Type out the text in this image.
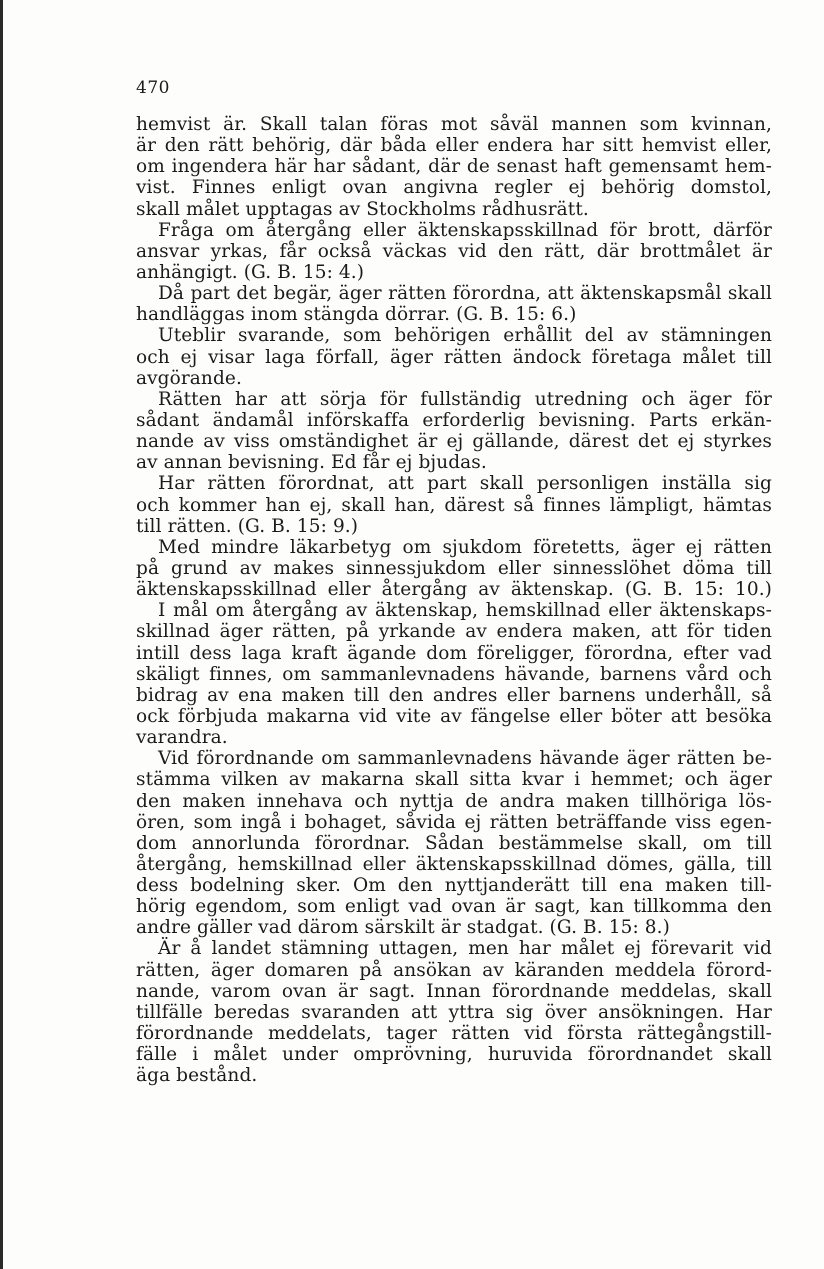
470
hemvist är. Skall talan föras mot såväl mannen som kvinnan,
är den rätt behörig, där båda eller endera har sitt hemvist eller,
om ingendera här har sådant, där de senast haft gemensamt hem-
vist. Finnes enligt ovan angivna regler ej behörig domstol,
skall målet upptagas av Stockholms rådhusrätt.
Fråga om återgång eller äktenskapsskillnad för brott, därför
ansvar yrkas, får också väckas vid den rätt, där brottmålet är
anhängigt. (G. B. 15: 4.)
Då part det begär, äger rätten förordna, att äktenskapsmål skall
handläggas inom stängda dörrar. (G. B. 15: 6.)
Uteblir svarande, som behörigen erhållit del av stämningen
och ej visar laga förfall, äger rätten ändock företaga målet till
avgörande.
Rätten har att sörja för fullständig utredning och äger för
sådant ändamål införskaffa erforderlig bevisning. Parts erkän-
nande av viss omständighet är ej gällande, därest det ej styrkes
av annan bevisning. Ed får ej bjudas.
Har rätten förordnat, att part skall personligen inställa sig
och kommer han ej, skall han, därest så finnes lämpligt, hämtas
till rätten. (G. B. 15: 9.)
Med mindre läkarbetyg om sjukdom företetts, äger ej rätten
på grund av makes sinnessjukdom eller sinnesslöhet döma till
äktenskapsskillnad eller återgång av äktenskap. (G. B. 15: 10.)
I mål om återgång av äktenskap, hemskillnad eller äktenskaps-
skillnad äger rätten, på yrkande av endera maken, att för tiden
intill dess laga kraft ägande dom föreligger, förordna, efter vad
skäligt finnes, om sammanlevnadens hävande, barnens vård och
bidrag av ena maken till den andres eller barnens underhåll, så
ock förbjuda makarna vid vite av fängelse eller böter att besöka
varandra.
Vid förordnande om sammanlevnadens hävande äger rätten be-
stämma vilken av makarna skall sitta kvar i hemmet; och äger
den maken innehava och nyttja de andra maken tillhöriga lös-
ören, som ingå i bohaget, såvida ej rätten beträffande viss egen-
dom annorlunda förordnar. Sådan bestämmelse skall, om till
återgång, hemskillnad eller äktenskapsskillnad dömes, gälla, till
dess bodelning sker. Om den nyttjanderätt till ena maken till-
hörig egendom, som enligt vad ovan är sagt, kan tillkomma den
andre gäller vad därom särskilt är stadgat. (G. B. 15: 8.)
Är å landet stämning uttagen, men har målet ej förevarit vid
rätten, äger domaren på ansökan av käranden meddela förord-
nande, varom ovan är sagt. Innan förordnande meddelas, skall
tillfälle beredas svaranden att yttra sig över ansökningen. Har
förordnande meddelats, tager rätten vid första rättegångstill-
fälle i målet under omprövning, huruvida förordnandet skall
äga bestånd.
